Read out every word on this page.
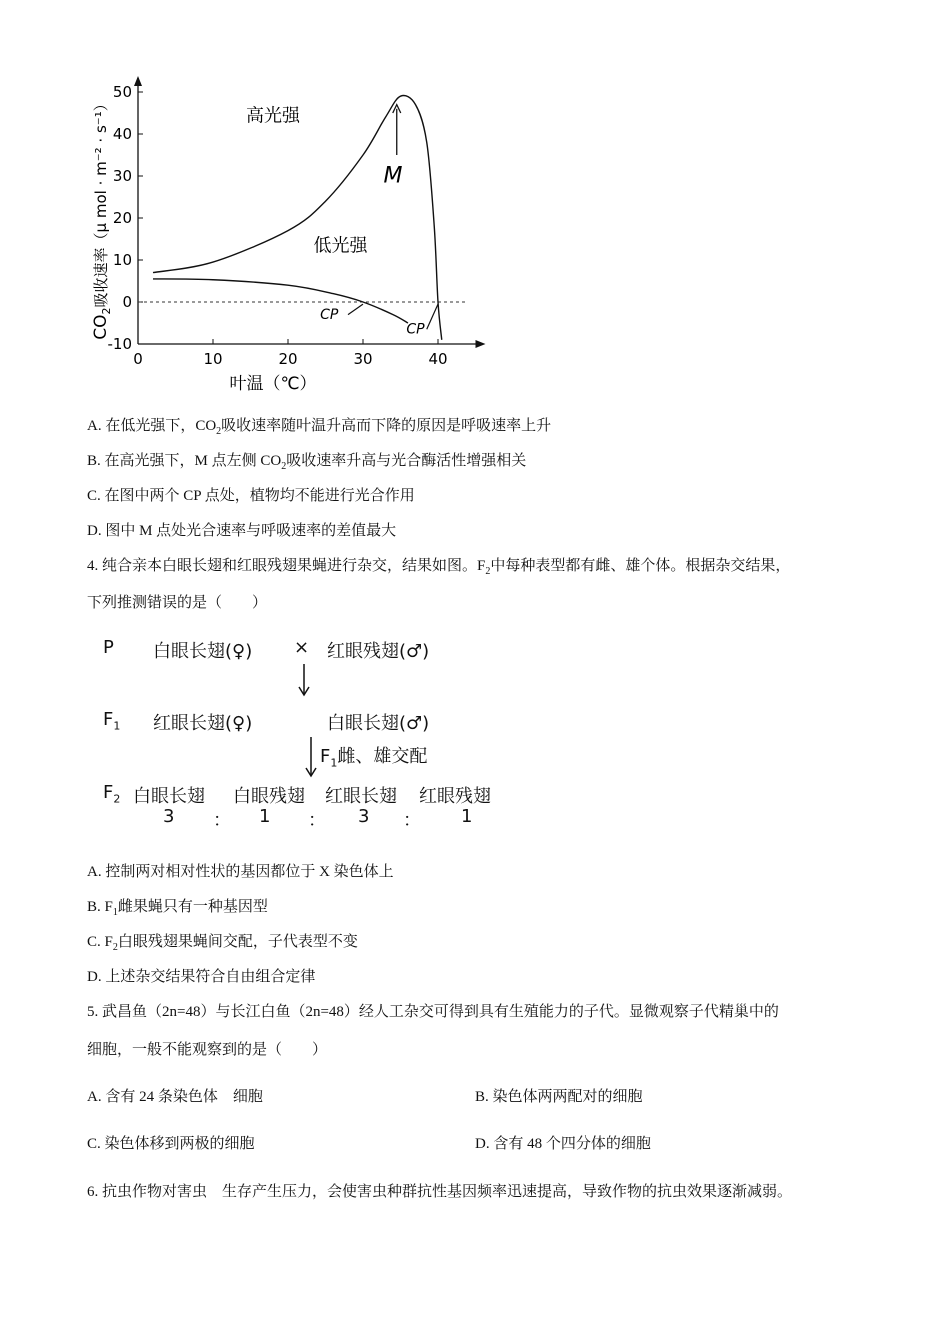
-10
0
10
20
30
40
50
0	10	20	30	40
叶温（℃）
$CO_2$吸收速率（μ mol · m⁻² · s⁻¹）	高光强
低光强
M
CP
CP
A. 在低光强下，$CO_2$吸收速率随叶温升高而下降的原因是呼吸速率上升
B. 在高光强下，M 点左侧 $CO_2$吸收速率升高与光合酶活性增强相关
C. 在图中两个 CP 点处，植物均不能进行光合作用
D. 图中 M 点处光合速率与呼吸速率的差值最大
4. 纯合亲本白眼长翅和红眼残翅果蝇进行杂交，结果如图。$F_2$中每种表型都有雌、雄个体。根据杂交结果，
下列推测错误的是（　　）
P 白眼长翅(♀) × 红眼残翅(♂)
$F_1$ 红眼长翅(♀)	白眼长翅(♂)
$F_1$雌、雄交配
$F_2$ 白眼长翅 白眼残翅 红眼长翅 红眼残翅
3 ： 1 ： 3 ： 1
A. 控制两对相对性状的基因都位于 X 染色体上
B. $F_1$雌果蝇只有一种基因型
C. $F_2$白眼残翅果蝇间交配，子代表型不变
D. 上述杂交结果符合自由组合定律
5. 武昌鱼（2n=48）与长江白鱼（2n=48）经人工杂交可得到具有生殖能力的子代。显微观察子代精巢中的
细胞，一般不能观察到的是（　　）
A. 含有 24 条染色体　细胞	B. 染色体两两配对的细胞
C. 染色体移到两极的细胞	D. 含有 48 个四分体的细胞
6. 抗虫作物对害虫　生存产生压力，会使害虫种群抗性基因频率迅速提高，导致作物的抗虫效果逐渐减弱。
